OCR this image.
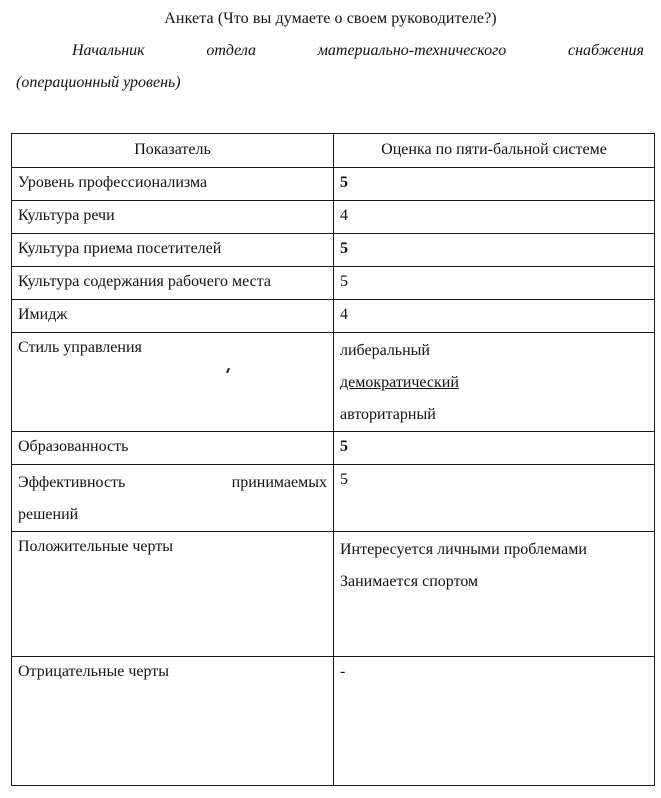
Анкета (Что вы думаете о своем руководителе?)
Начальник	отдела	материально-технического	снабжения
(операционный уровень)
Показатель	Оценка по пяти-бальной системе
Уровень профессионализма	5
Культура речи	4
Культура приема посетителей	5
Культура содержания рабочего места	5
Имидж	4
Стиль управления	либеральный
демократический
авторитарный

Образованность	5

Эффективность принимаемых
решений	5
Положительные черты	Интересуется личными проблемами
Занимается спортом

Отрицательные черты	-
